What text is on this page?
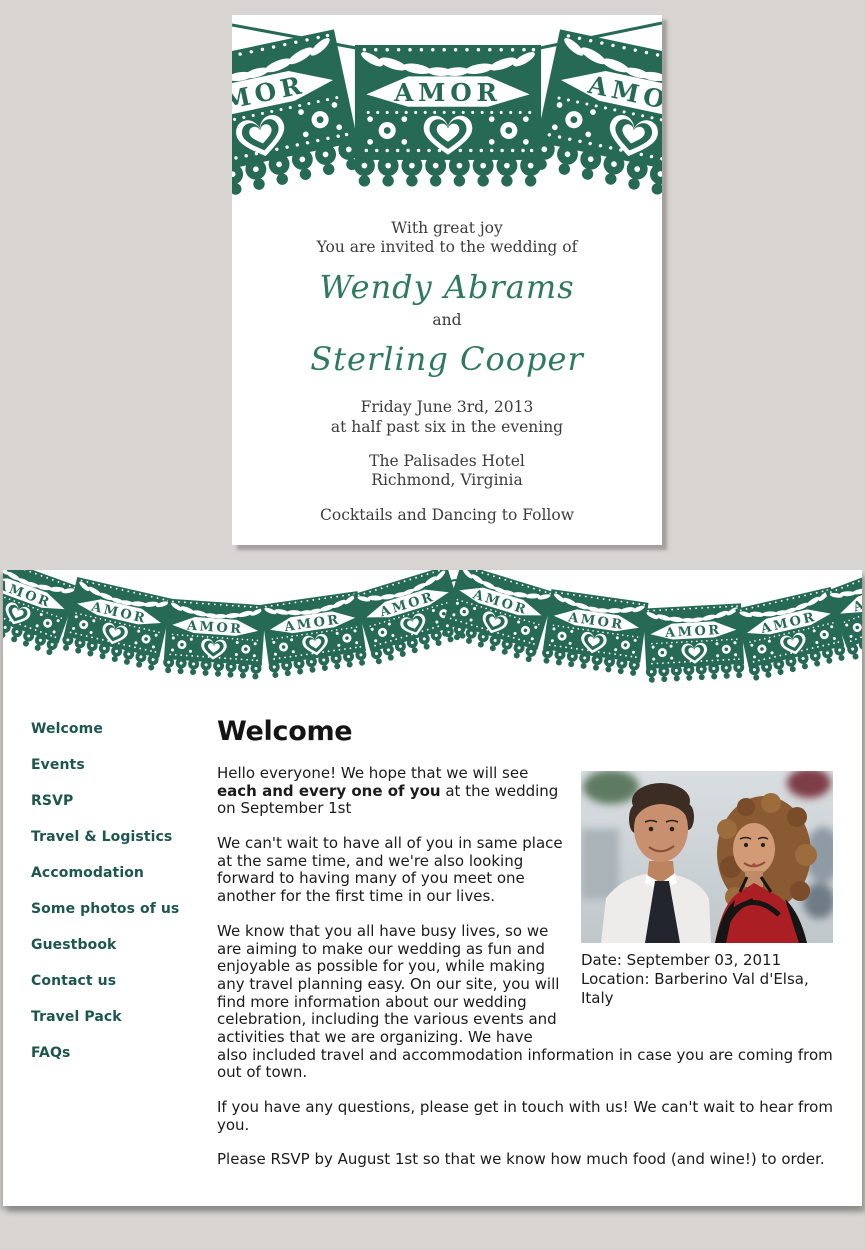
With great joy
You are invited to the wedding of
Wendy Abrams
and
Sterling Cooper
Friday June 3rd, 2013
at half past six in the evening
The Palisades Hotel
Richmond, Virginia
Cocktails and Dancing to Follow
Welcome
Events
RSVP
Travel & Logistics
Accomodation
Some photos of us
Guestbook
Contact us
Travel Pack
FAQs
Welcome
Date: September 03, 2011
Location: Barberino Val d'Elsa, Italy

Hello everyone! We hope that we will see each and every one of you at the wedding on September 1st

We can't wait to have all of you in same place at the same time, and we're also looking forward to having many of you meet one another for the first time in our lives.

We know that you all have busy lives, so we are aiming to make our wedding as fun and enjoyable as possible for you, while making any travel planning easy. On our site, you will find more information about our wedding celebration, including the various events and activities that we are organizing. We have also included travel and accommodation information in case you are coming from out of town.

If you have any questions, please get in touch with us! We can't wait to hear from you.

Please RSVP by August 1st so that we know how much food (and wine!) to order.
